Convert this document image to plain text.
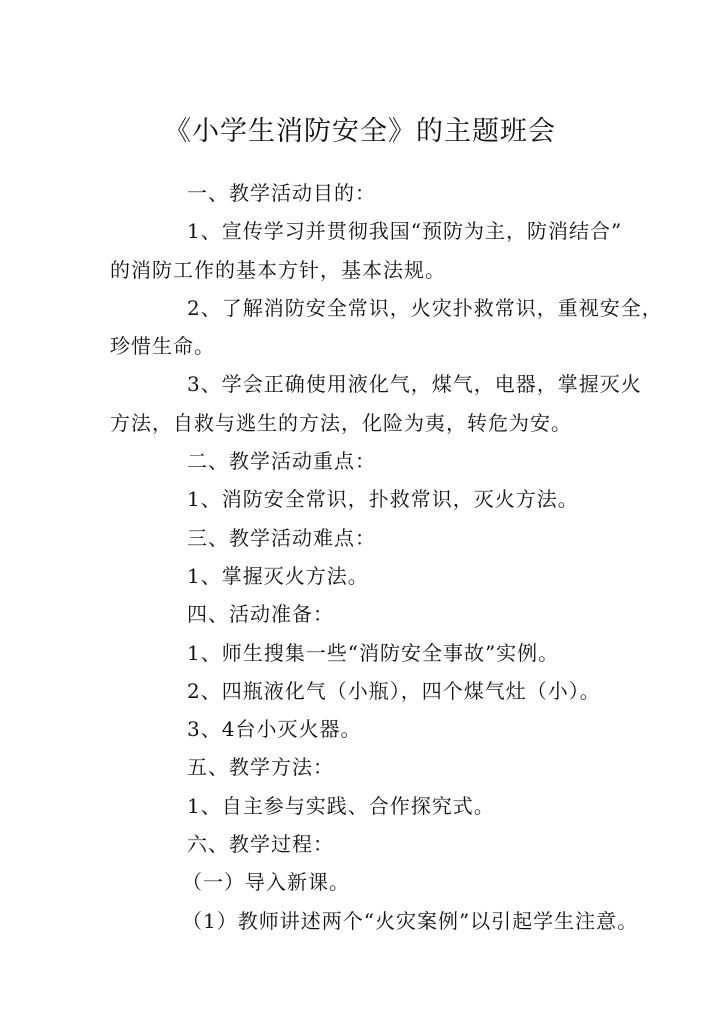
《小学生消防安全》的主题班会

一、教学活动目的：

1、宣传学习并贯彻我国“预防为主，防消结合”

的消防工作的基本方针，基本法规。

2、了解消防安全常识，火灾扑救常识，重视安全，

珍惜生命。

3、学会正确使用液化气，煤气，电器，掌握灭火

方法，自救与逃生的方法，化险为夷，转危为安。

二、教学活动重点：

1、消防安全常识，扑救常识，灭火方法。

三、教学活动难点：

1、掌握灭火方法。

四、活动准备：

1、师生搜集一些“消防安全事故”实例。

2、四瓶液化气（小瓶），四个煤气灶（小）。

3、4台小灭火器。

五、教学方法：

1、自主参与实践、合作探究式。

六、教学过程：

（一）导入新课。

（1）教师讲述两个“火灾案例”以引起学生注意。
